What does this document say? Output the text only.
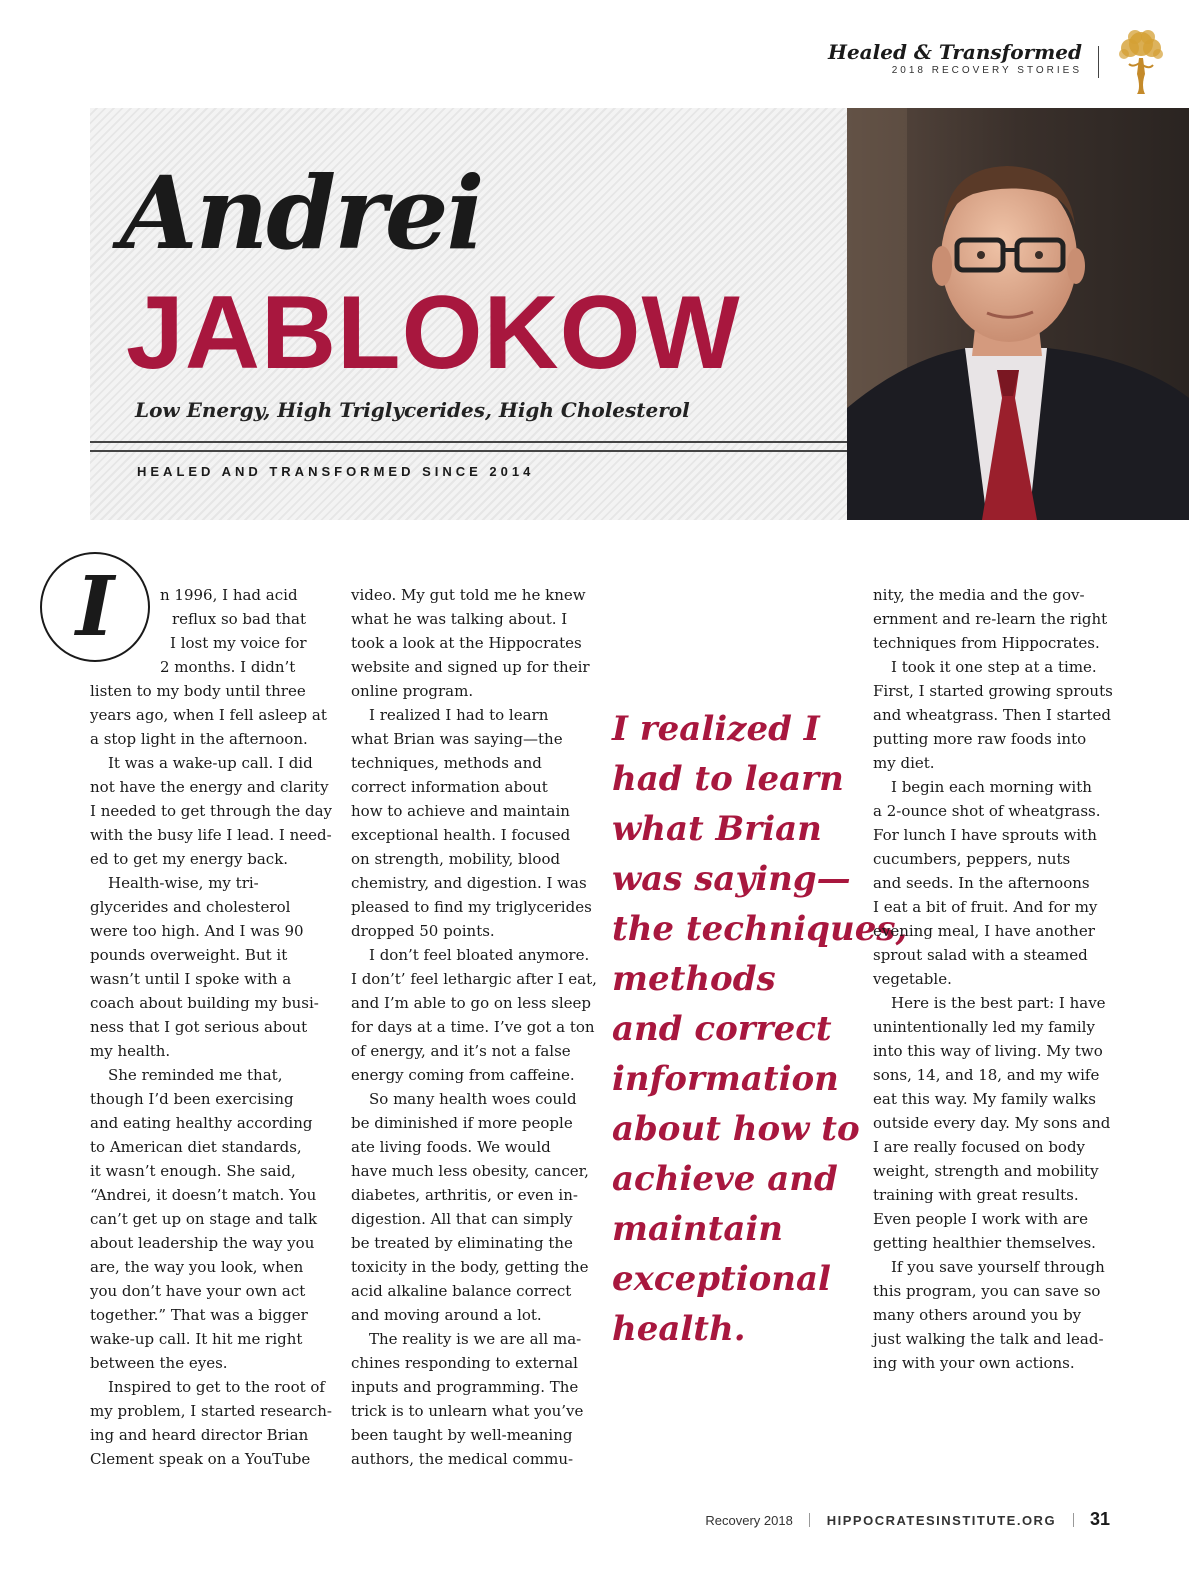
Healed & Transformed
2018 RECOVERY STORIES
Andrei
JABLOKOW
Low Energy, High Triglycerides, High Cholesterol
HEALED AND TRANSFORMED SINCE 2014
I	n 1996, I had acid
reflux so bad that
I lost my voice for
2 months. I didn’t
listen to my body until three
years ago, when I fell asleep at
a stop light in the afternoon.
It was a wake-up call. I did
not have the energy and clarity
I needed to get through the day
with the busy life I lead. I need-
ed to get my energy back.
Health-wise, my tri-
glycerides and cholesterol
were too high. And I was 90
pounds overweight. But it
wasn’t until I spoke with a
coach about building my busi-
ness that I got serious about
my health.
She reminded me that,
though I’d been exercising
and eating healthy according
to American diet standards,
it wasn’t enough. She said,
“Andrei, it doesn’t match. You
can’t get up on stage and talk
about leadership the way you
are, the way you look, when
you don’t have your own act
together.” That was a bigger
wake-up call. It hit me right
between the eyes.
Inspired to get to the root of
my problem, I started research-
ing and heard director Brian
Clement speak on a YouTube
video. My gut told me he knew
what he was talking about. I
took a look at the Hippocrates
website and signed up for their
online program.
I realized I had to learn
what Brian was saying—the
techniques, methods and
correct information about
how to achieve and maintain
exceptional health. I focused
on strength, mobility, blood
chemistry, and digestion. I was
pleased to find my triglycerides
dropped 50 points.
I don’t feel bloated anymore.
I don’t’ feel lethargic after I eat,
and I’m able to go on less sleep
for days at a time. I’ve got a ton
of energy, and it’s not a false
energy coming from caffeine.
So many health woes could
be diminished if more people
ate living foods. We would
have much less obesity, cancer,
diabetes, arthritis, or even in-
digestion. All that can simply
be treated by eliminating the
toxicity in the body, getting the
acid alkaline balance correct
and moving around a lot.
The reality is we are all ma-
chines responding to external
inputs and programming. The
trick is to unlearn what you’ve
been taught by well-meaning
authors, the medical commu-
I realized I
had to learn
what Brian
was saying—
the techniques,
methods
and correct
information
about how to
achieve and
maintain
exceptional
health.
nity, the media and the gov-
ernment and re-learn the right
techniques from Hippocrates.
I took it one step at a time.
First, I started growing sprouts
and wheatgrass. Then I started
putting more raw foods into
my diet.
I begin each morning with
a 2-ounce shot of wheatgrass.
For lunch I have sprouts with
cucumbers, peppers, nuts
and seeds. In the afternoons
I eat a bit of fruit. And for my
evening meal, I have another
sprout salad with a steamed
vegetable.
Here is the best part: I have
unintentionally led my family
into this way of living. My two
sons, 14, and 18, and my wife
eat this way. My family walks
outside every day. My sons and
I are really focused on body
weight, strength and mobility
training with great results.
Even people I work with are
getting healthier themselves.
If you save yourself through
this program, you can save so
many others around you by
just walking the talk and lead-
ing with your own actions.
Recovery 2018	HIPPOCRATESINSTITUTE.ORG 31
